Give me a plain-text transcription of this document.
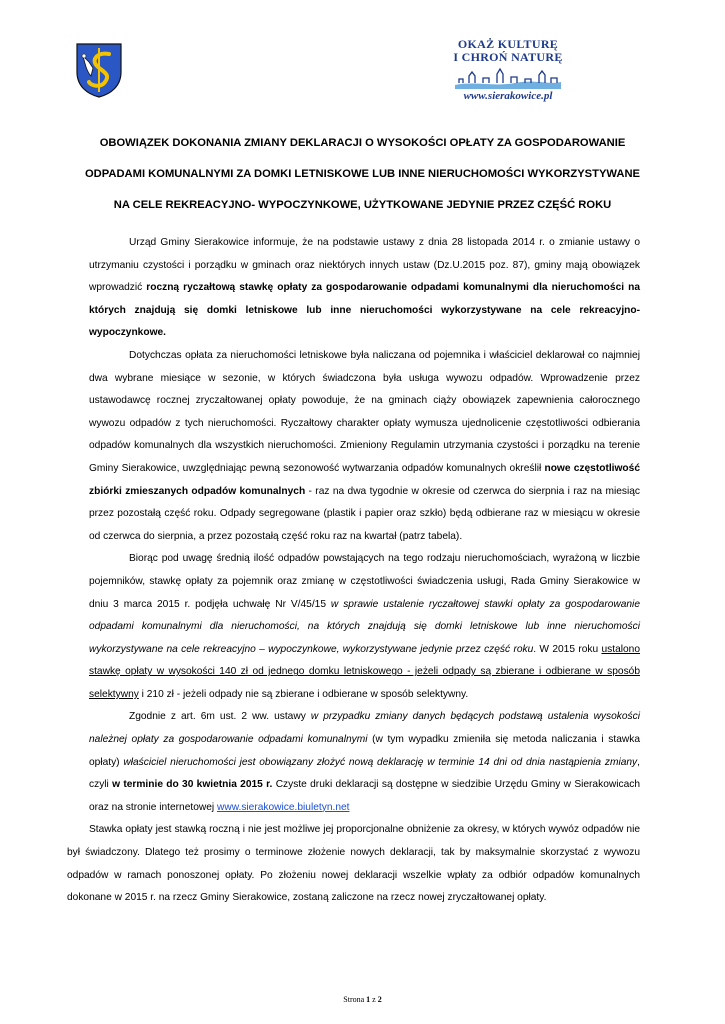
OKAŻ KULTURĘ
I CHROŃ NATURĘ
www.sierakowice.pl
OBOWIĄZEK DOKONANIA ZMIANY DEKLARACJI O WYSOKOŚCI OPŁATY ZA GOSPODAROWANIE
ODPADAMI KOMUNALNYMI ZA DOMKI LETNISKOWE LUB INNE NIERUCHOMOŚCI WYKORZYSTYWANE
NA CELE REKREACYJNO- WYPOCZYNKOWE, UŻYTKOWANE JEDYNIE PRZEZ CZĘŚĆ ROKU

Urząd Gminy Sierakowice informuje, że na podstawie ustawy z dnia 28 listopada 2014 r. o zmianie ustawy o utrzymaniu czystości i porządku w gminach oraz niektórych innych ustaw (Dz.U.2015 poz. 87), gminy mają obowiązek wprowadzić roczną ryczałtową stawkę opłaty za gospodarowanie odpadami komunalnymi dla nieruchomości na których znajdują się domki letniskowe lub inne nieruchomości wykorzystywane na cele rekreacyjno-wypoczynkowe.

Dotychczas opłata za nieruchomości letniskowe była naliczana od pojemnika i właściciel deklarował co najmniej dwa wybrane miesiące w sezonie, w których świadczona była usługa wywozu odpadów. Wprowadzenie przez ustawodawcę rocznej zryczałtowanej opłaty powoduje, że na gminach ciąży obowiązek zapewnienia całorocznego wywozu odpadów z tych nieruchomości. Ryczałtowy charakter opłaty wymusza ujednolicenie częstotliwości odbierania odpadów komunalnych dla wszystkich nieruchomości. Zmieniony Regulamin utrzymania czystości i porządku na terenie Gminy Sierakowice, uwzględniając pewną sezonowość wytwarzania odpadów komunalnych określił nowe częstotliwość zbiórki zmieszanych odpadów komunalnych - raz na dwa tygodnie w okresie od czerwca do sierpnia i raz na miesiąc przez pozostałą część roku. Odpady segregowane (plastik i papier oraz szkło) będą odbierane raz w miesiącu w okresie od czerwca do sierpnia, a przez pozostałą część roku raz na kwartał (patrz tabela).

Biorąc pod uwagę średnią ilość odpadów powstających na tego rodzaju nieruchomościach, wyrażoną w liczbie pojemników, stawkę opłaty za pojemnik oraz zmianę w częstotliwości świadczenia usługi, Rada Gminy Sierakowice w dniu 3 marca 2015 r. podjęła uchwałę Nr V/45/15 w sprawie ustalenie ryczałtowej stawki opłaty za gospodarowanie odpadami komunalnymi dla nieruchomości, na których znajdują się domki letniskowe lub inne nieruchomości wykorzystywane na cele rekreacyjno – wypoczynkowe, wykorzystywane jedynie przez część roku. W 2015 roku ustalono stawkę opłaty w wysokości 140 zł od jednego domku letniskowego - jeżeli odpady są zbierane i odbierane w sposób selektywny i 210 zł - jeżeli odpady nie są zbierane i odbierane w sposób selektywny.

Zgodnie z art. 6m ust. 2 ww. ustawy w przypadku zmiany danych będących podstawą ustalenia wysokości należnej opłaty za gospodarowanie odpadami komunalnymi (w tym wypadku zmieniła się metoda naliczania i stawka opłaty) właściciel nieruchomości jest obowiązany złożyć nową deklarację w terminie 14 dni od dnia nastąpienia zmiany, czyli w terminie do 30 kwietnia 2015 r. Czyste druki deklaracji są dostępne w siedzibie Urzędu Gminy w Sierakowicach oraz na stronie internetowej www.sierakowice.biuletyn.net

Stawka opłaty jest stawką roczną i nie jest możliwe jej proporcjonalne obniżenie za okresy, w których wywóz odpadów nie był świadczony. Dlatego też prosimy o terminowe złożenie nowych deklaracji, tak by maksymalnie skorzystać z wywozu odpadów w ramach ponoszonej opłaty. Po złożeniu nowej deklaracji wszelkie wpłaty za odbiór odpadów komunalnych dokonane w 2015 r. na rzecz Gminy Sierakowice, zostaną zaliczone na rzecz nowej zryczałtowanej opłaty.

Strona 1 z 2
